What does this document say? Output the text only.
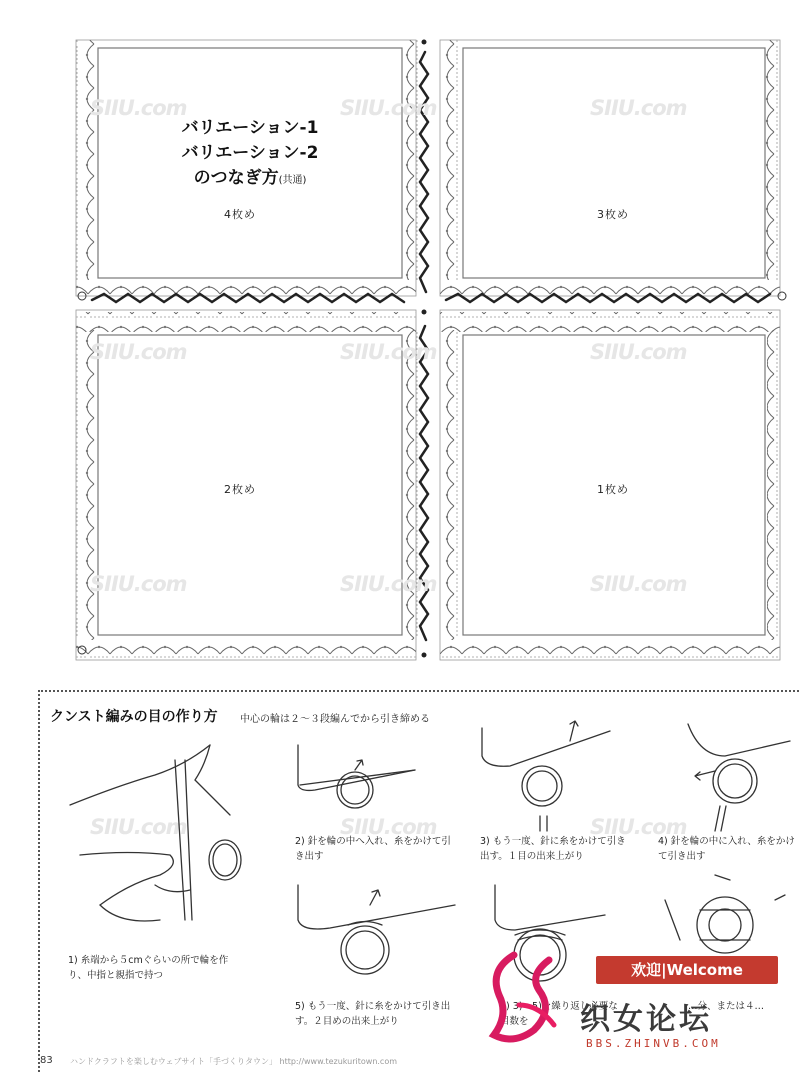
SIIU.com	SIIU.com	SIIU.com
SIIU.com	SIIU.com	SIIU.com
SIIU.com	SIIU.com	SIIU.com
SIIU.com	SIIU.com	SIIU.com
バリエーション-1
バリエーション-2
のつなぎ方(共通)
4枚め	3枚め
2枚め	1枚め
クンスト編みの目の作り方 中心の輪は２～３段編んでから引き締める
1) 糸端から５cmぐらいの所で輪を作り、中指と親指で持つ
2) 針を輪の中へ入れ、糸をかけて引き出す
3) もう一度、針に糸をかけて引き出す。１目の出来上がり
4) 針を輪の中に入れ、糸をかけて引き出す
5) もう一度、針に糸をかけて引き出す。２目めの出来上がり
6) 3)～5)を繰り返し必要な目数を
…分、または４…
83 ハンドクラフトを楽しむウェブサイト「手づくりタウン」 http://www.tezukuritown.com
欢迎|Welcome
织女论坛
BBS.ZHINVB.COM
